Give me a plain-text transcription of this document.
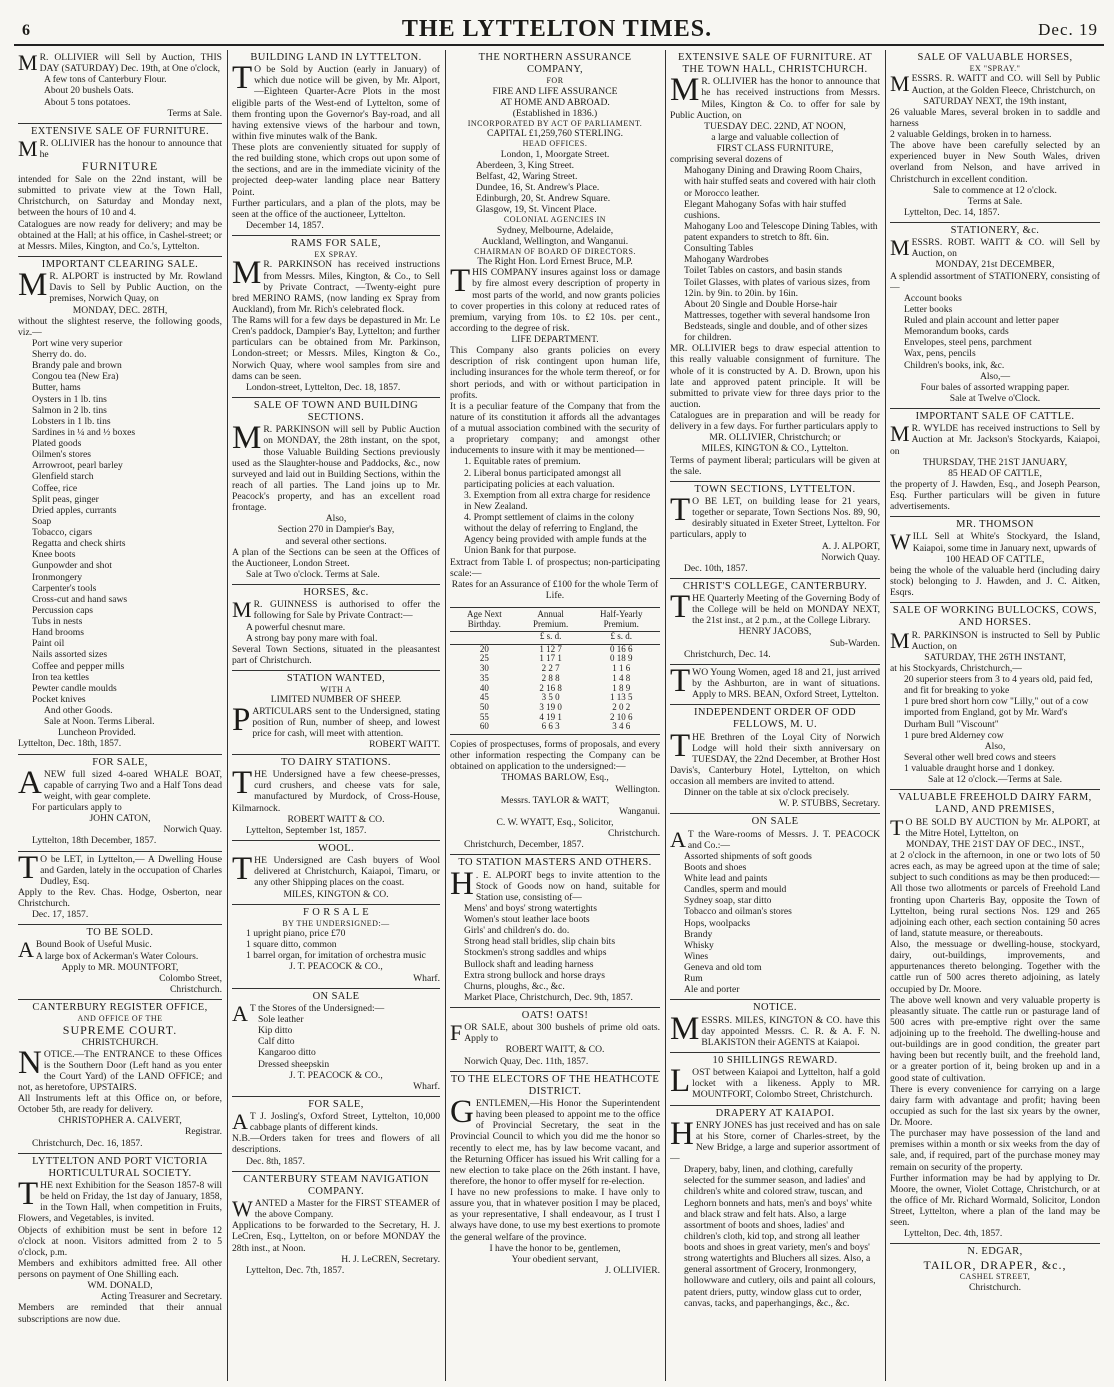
6	THE LYTTELTON TIMES.	Dec. 19
M R. OLLIVIER will Sell by Auction, THIS DAY (SATURDAY) Dec. 19th, at One o'clock,
A few tons of Canterbury Flour.
About 20 bushels Oats.
About 5 tons potatoes.
Terms at Sale.
EXTENSIVE SALE OF FURNITURE.
M R. OLLIVIER has the honour to announce that he
FURNITURE
intended for Sale on the 22nd instant, will be submitted to private view at the Town Hall, Christchurch, on Saturday and Monday next, between the hours of 10 and 4.
Catalogues are now ready for delivery; and may be obtained at the Hall; at his office, in Cashel-street; or at Messrs. Miles, Kington, and Co.'s, Lyttelton.
IMPORTANT CLEARING SALE.
M R. ALPORT is instructed by Mr. Rowland Davis to Sell by Public Auction, on the premises, Norwich Quay, on
MONDAY, DEC. 28TH,
without the slightest reserve, the following goods, viz.—
Port wine very superior
Sherry do. do.
Brandy pale and brown
Congou tea (New Era)
Butter, hams
Oysters in 1 lb. tins
Salmon in 2 lb. tins
Lobsters in 1 lb. tins
Sardines in ¼ and ½ boxes
Plated goods
Oilmen's stores
Arrowroot, pearl barley
Glenfield starch
Coffee, rice
Split peas, ginger
Dried apples, currants
Soap
Tobacco, cigars
Regatta and check shirts
Knee boots
Gunpowder and shot
Ironmongery
Carpenter's tools
Cross-cut and hand saws
Percussion caps
Tubs in nests
Hand brooms
Paint oil
Nails assorted sizes
Coffee and pepper mills
Iron tea kettles
Pewter candle moulds
Pocket knives
And other Goods.
Sale at Noon. Terms Liberal.
Luncheon Provided.
Lyttelton, Dec. 18th, 1857.
FOR SALE,
A NEW full sized 4-oared WHALE BOAT, capable of carrying Two and a Half Tons dead weight, with gear complete.
For particulars apply to
JOHN CATON,
Norwich Quay.
Lyttelton, 18th December, 1857.
T O be LET, in Lyttelton,— A Dwelling House and Garden, lately in the occupation of Charles Dudley, Esq.
Apply to the Rev. Chas. Hodge, Osberton, near Christchurch.
Dec. 17, 1857.
TO BE SOLD.
A Bound Book of Useful Music.
A large box of Ackerman's Water Colours.
Apply to MR. MOUNTFORT,
Colombo Street,
Christchurch.
CANTERBURY REGISTER OFFICE,
AND OFFICE OF THE
SUPREME COURT.
CHRISTCHURCH.
NOTICE.—The ENTRANCE to these Offices is the Southern Door (Left hand as you enter the Court Yard) of the LAND OFFICE; and not, as heretofore, UPSTAIRS.
All Instruments left at this Office on, or before, October 5th, are ready for delivery.
CHRISTOPHER A. CALVERT,
Registrar.
Christchurch, Dec. 16, 1857.
LYTTELTON AND PORT VICTORIA HORTICULTURAL SOCIETY.
THE next Exhibition for the Season 1857-8 will be held on Friday, the 1st day of January, 1858, in the Town Hall, when competition in Fruits, Flowers, and Vegetables, is invited.
Objects of exhibition must be sent in before 12 o'clock at noon. Visitors admitted from 2 to 5 o'clock, p.m.
Members and exhibitors admitted free. All other persons on payment of One Shilling each.
WM. DONALD,
Acting Treasurer and Secretary.
Members are reminded that their annual subscriptions are now due.
BUILDING LAND IN LYTTELTON.
T O be Sold by Auction (early in January) of which due notice will be given, by Mr. Alport,—Eighteen Quarter-Acre Plots in the most eligible parts of the West-end of Lyttelton, some of them fronting upon the Governor's Bay-road, and all having extensive views of the harbour and town, within five minutes walk of the Bank.
These plots are conveniently situated for supply of the red building stone, which crops out upon some of the sections, and are in the immediate vicinity of the projected deep-water landing place near Battery Point.
Further particulars, and a plan of the plots, may be seen at the office of the auctioneer, Lyttelton.
December 14, 1857.
RAMS FOR SALE,
EX SPRAY.
M R. PARKINSON has received instructions from Messrs. Miles, Kington, & Co., to Sell by Private Contract, —Twenty-eight pure bred MERINO RAMS, (now landing ex Spray from Auckland), from Mr. Rich's celebrated flock.
The Rams will for a few days be depastured in Mr. Le Cren's paddock, Dampier's Bay, Lyttelton; and further particulars can be obtained from Mr. Parkinson, London-street; or Messrs. Miles, Kington & Co., Norwich Quay, where wool samples from sire and dams can be seen.
London-street, Lyttelton, Dec. 18, 1857.
SALE OF TOWN AND BUILDING SECTIONS.
M R. PARKINSON will sell by Public Auction on MONDAY, the 28th instant, on the spot, those Valuable Building Sections previously used as the Slaughter-house and Paddocks, &c., now surveyed and laid out in Building Sections, within the reach of all parties. The Land joins up to Mr. Peacock's property, and has an excellent road frontage.
Also,
Section 270 in Dampier's Bay,
and several other sections.
A plan of the Sections can be seen at the Offices of the Auctioneer, London Street.
Sale at Two o'clock. Terms at Sale.
HORSES, &c.
M R. GUINNESS is authorised to offer the following for Sale by Private Contract:—
A powerful chesnut mare.
A strong bay pony mare with foal.
Several Town Sections, situated in the pleasantest part of Christchurch.
STATION WANTED,
WITH A
LIMITED NUMBER OF SHEEP.
PARTICULARS sent to the Undersigned, stating position of Run, number of sheep, and lowest price for cash, will meet with attention.
ROBERT WAITT.
TO DAIRY STATIONS.
THE Undersigned have a few cheese-presses, curd crushers, and cheese vats for sale, manufactured by Murdock, of Cross-House, Kilmarnock.
ROBERT WAITT & CO.
Lyttelton, September 1st, 1857.
WOOL.
THE Undersigned are Cash buyers of Wool delivered at Christchurch, Kaiapoi, Timaru, or any other Shipping places on the coast.
MILES, KINGTON & CO.
F O R S A L E
BY THE UNDERSIGNED:—
1 upright piano, price £70
1 square ditto, common
1 barrel organ, for imitation of orchestra music
J. T. PEACOCK & CO.,
Wharf.
ON SALE
A T the Stores of the Undersigned:—
Sole leather
Kip ditto
Calf ditto
Kangaroo ditto
Dressed sheepskin
J. T. PEACOCK & CO.,
Wharf.
FOR SALE,
A T J. Josling's, Oxford Street, Lyttelton, 10,000 cabbage plants of different kinds.
N.B.—Orders taken for trees and flowers of all descriptions.
Dec. 8th, 1857.
CANTERBURY STEAM NAVIGATION COMPANY.
WANTED a Master for the FIRST STEAMER of the above Company.
Applications to be forwarded to the Secretary, H. J. LeCren, Esq., Lyttelton, on or before MONDAY the 28th inst., at Noon.
H. J. LeCREN, Secretary.
Lyttelton, Dec. 7th, 1857.
THE NORTHERN ASSURANCE COMPANY,
FOR
FIRE AND LIFE ASSURANCE
AT HOME AND ABROAD.
(Established in 1836.)
INCORPORATED BY ACT OF PARLIAMENT.
CAPITAL £1,259,760 STERLING.
HEAD OFFICES.
London, 1, Moorgate Street.
Aberdeen, 3, King Street.
Belfast, 42, Waring Street.
Dundee, 16, St. Andrew's Place.
Edinburgh, 20, St. Andrew Square.
Glasgow, 19, St. Vincent Place.
COLONIAL AGENCIES IN
Sydney, Melbourne, Adelaide,
Auckland, Wellington, and Wanganui.
CHAIRMAN OF BOARD OF DIRECTORS.
The Right Hon. Lord Ernest Bruce, M.P.
THIS COMPANY insures against loss or damage by fire almost every description of property in most parts of the world, and now grants policies to cover properties in this colony at reduced rates of premium, varying from 10s. to £2 10s. per cent., according to the degree of risk.
LIFE DEPARTMENT.
This Company also grants policies on every description of risk contingent upon human life, including insurances for the whole term thereof, or for short periods, and with or without participation in profits.
It is a peculiar feature of the Company that from the nature of its constitution it affords all the advantages of a mutual association combined with the security of a proprietary company; and amongst other inducements to insure with it may be mentioned—
1. Equitable rates of premium.
2. Liberal bonus participated amongst all participating policies at each valuation.
3. Exemption from all extra charge for residence in New Zealand.
4. Prompt settlement of claims in the colony without the delay of referring to England, the Agency being provided with ample funds at the Union Bank for that purpose.
Extract from Table I. of prospectus; non-participating scale:—
Rates for an Assurance of £100 for the whole Term of Life.
Age Next Birthday.	Annual Premium.	Half-Yearly Premium.
	£ s. d.	£ s. d.
20	1 12 7	0 16 6
25	1 17 1	0 18 9
30	2 2 7	1 1 6
35	2 8 8	1 4 8
40	2 16 8	1 8 9
45	3 5 0	1 13 5
50	3 19 0	2 0 2
55	4 19 1	2 10 6
60	6 6 3	3 4 6
Copies of prospectuses, forms of proposals, and every other information respecting the Company can be obtained on application to the undersigned:—
THOMAS BARLOW, Esq.,
Wellington.
Messrs. TAYLOR & WATT,
Wanganui.
C. W. WYATT, Esq., Solicitor,
Christchurch.
Christchurch, December, 1857.
TO STATION MASTERS AND OTHERS.
H . E. ALPORT begs to invite attention to the Stock of Goods now on hand, suitable for Station use, consisting of—
Mens' and boys' strong watertights
Women's stout leather lace boots
Girls' and children's do. do.
Strong head stall bridles, slip chain bits
Stockmen's strong saddles and whips
Bullock shaft and leading harness
Extra strong bullock and horse drays
Churns, ploughs, &c., &c.
Market Place, Christchurch, Dec. 9th, 1857.
OATS! OATS!
FOR SALE, about 300 bushels of prime old oats. Apply to
ROBERT WAITT, & CO.
Norwich Quay, Dec. 11th, 1857.
TO THE ELECTORS OF THE HEATHCOTE DISTRICT.
GENTLEMEN,—His Honor the Superintendent having been pleased to appoint me to the office of Provincial Secretary, the seat in the Provincial Council to which you did me the honor so recently to elect me, has by law become vacant, and the Returning Officer has issued his Writ calling for a new election to take place on the 26th instant. I have, therefore, the honor to offer myself for re-election.
I have no new professions to make. I have only to assure you, that in whatever position I may be placed, as your representative, I shall endeavour, as I trust I always have done, to use my best exertions to promote the general welfare of the province.
I have the honor to be, gentlemen,
Your obedient servant,
J. OLLIVIER.
EXTENSIVE SALE OF FURNITURE. AT THE TOWN HALL, CHRISTCHURCH.
M R. OLLIVIER has the honor to announce that he has received instructions from Messrs. Miles, Kington & Co. to offer for sale by Public Auction, on
TUESDAY DEC. 22ND, AT NOON,
a large and valuable collection of
FIRST CLASS FURNITURE,
comprising several dozens of
Mahogany Dining and Drawing Room Chairs, with hair stuffed seats and covered with hair cloth or Morocco leather.
Elegant Mahogany Sofas with hair stuffed cushions.
Mahogany Loo and Telescope Dining Tables, with patent expanders to stretch to 8ft. 6in.
Consulting Tables
Mahogany Wardrobes
Toilet Tables on castors, and basin stands
Toilet Glasses, with plates of various sizes, from 12in. by 9in. to 20in. by 16in.
About 20 Single and Double Horse-hair Mattresses, together with several handsome Iron Bedsteads, single and double, and of other sizes for children.
MR. OLLIVIER begs to draw especial attention to this really valuable consignment of furniture. The whole of it is constructed by A. D. Brown, upon his late and approved patent principle. It will be submitted to private view for three days prior to the auction.
Catalogues are in preparation and will be ready for delivery in a few days. For further particulars apply to
MR. OLLIVIER, Christchurch; or
MILES, KINGTON & CO., Lyttelton.
Terms of payment liberal; particulars will be given at the sale.
TOWN SECTIONS, LYTTELTON.
T O BE LET, on building lease for 21 years, together or separate, Town Sections Nos. 89, 90, desirably situated in Exeter Street, Lyttelton. For particulars, apply to
A. J. ALPORT,
Norwich Quay.
Dec. 10th, 1857.
CHRIST'S COLLEGE, CANTERBURY.
THE Quarterly Meeting of the Governing Body of the College will be held on MONDAY NEXT, the 21st inst., at 2 p.m., at the College Library.
HENRY JACOBS,
Sub-Warden.
Christchurch, Dec. 14.
TWO Young Women, aged 18 and 21, just arrived by the Ashburton, are in want of situations. Apply to MRS. BEAN, Oxford Street, Lyttelton.
INDEPENDENT ORDER OF ODD FELLOWS, M. U.
THE Brethren of the Loyal City of Norwich Lodge will hold their sixth anniversary on TUESDAY, the 22nd December, at Brother Host Davis's, Canterbury Hotel, Lyttelton, on which occasion all members are invited to attend.
Dinner on the table at six o'clock precisely.
W. P. STUBBS, Secretary.
ON SALE
A T the Ware-rooms of Messrs. J. T. PEACOCK and Co.:—
Assorted shipments of soft goods
Boots and shoes
White lead and paints
Candles, sperm and mould
Sydney soap, star ditto
Tobacco and oilman's stores
Hops, woolpacks
Brandy
Whisky
Wines
Geneva and old tom
Rum
Ale and porter
NOTICE.
MESSRS. MILES, KINGTON & CO. have this day appointed Messrs. C. R. & A. F. N. BLAKISTON their AGENTS at Kaiapoi.
10 SHILLINGS REWARD.
LOST between Kaiapoi and Lyttelton, half a gold locket with a likeness. Apply to MR. MOUNTFORT, Colombo Street, Christchurch.
DRAPERY AT KAIAPOI.
HENRY JONES has just received and has on sale at his Store, corner of Charles-street, by the New Bridge, a large and superior assortment of—
Drapery, baby, linen, and clothing, carefully selected for the summer season, and ladies' and children's white and colored straw, tuscan, and Leghorn bonnets and hats, men's and boys' white and black straw and felt hats. Also, a large assortment of boots and shoes, ladies' and children's cloth, kid top, and strong all leather boots and shoes in great variety, men's and boys' strong watertights and Bluchers all sizes. Also, a general assortment of Grocery, Ironmongery, hollowware and cutlery, oils and paint all colours, patent driers, putty, window glass cut to order, canvas, tacks, and paperhangings, &c., &c.
SALE OF VALUABLE HORSES,
EX "SPRAY."
MESSRS. R. WAITT and CO. will Sell by Public Auction, at the Golden Fleece, Christchurch, on
SATURDAY NEXT, the 19th instant,
26 valuable Mares, several broken in to saddle and harness
2 valuable Geldings, broken in to harness.
The above have been carefully selected by an experienced buyer in New South Wales, driven overland from Nelson, and have arrived in Christchurch in excellent condition.
Sale to commence at 12 o'clock.
Terms at Sale.
Lyttelton, Dec. 14, 1857.
STATIONERY, &c.
MESSRS. ROBT. WAITT & CO. will Sell by Auction, on
MONDAY, 21st DECEMBER,
A splendid assortment of STATIONERY, consisting of—
Account books
Letter books
Ruled and plain account and letter paper
Memorandum books, cards
Envelopes, steel pens, parchment
Wax, pens, pencils
Children's books, ink, &c.
Also,—
Four bales of assorted wrapping paper.
Sale at Twelve o'Clock.
IMPORTANT SALE OF CATTLE.
M R. WYLDE has received instructions to Sell by Auction at Mr. Jackson's Stockyards, Kaiapoi, on
THURSDAY, THE 21ST JANUARY,
85 HEAD OF CATTLE,
the property of J. Hawden, Esq., and Joseph Pearson, Esq. Further particulars will be given in future advertisements.
MR. THOMSON
WILL Sell at White's Stockyard, the Island, Kaiapoi, some time in January next, upwards of
100 HEAD OF CATTLE,
being the whole of the valuable herd (including dairy stock) belonging to J. Hawden, and J. C. Aitken, Esqrs.
SALE OF WORKING BULLOCKS, COWS, AND HORSES.
M R. PARKINSON is instructed to Sell by Public Auction, on
SATURDAY, THE 26TH INSTANT,
at his Stockyards, Christchurch,—
20 superior steers from 3 to 4 years old, paid fed, and fit for breaking to yoke
1 pure bred short horn cow "Lilly," out of a cow imported from England, got by Mr. Ward's Durham Bull "Viscount"
1 pure bred Alderney cow
Also,
Several other well bred cows and steers
1 valuable draught horse and 1 donkey.
Sale at 12 o'clock.—Terms at Sale.
VALUABLE FREEHOLD DAIRY FARM, LAND, AND PREMISES,
T O BE SOLD BY AUCTION by Mr. ALPORT, at the Mitre Hotel, Lyttelton, on
MONDAY, THE 21ST DAY OF DEC., INST.,
at 2 o'clock in the afternoon, in one or two lots of 50 acres each, as may be agreed upon at the time of sale; subject to such conditions as may be then produced:—
All those two allotments or parcels of Freehold Land fronting upon Charteris Bay, opposite the Town of Lyttelton, being rural sections Nos. 129 and 265 adjoining each other, each section containing 50 acres of land, statute measure, or thereabouts.
Also, the messuage or dwelling-house, stockyard, dairy, out-buildings, improvements, and appurtenances thereto belonging. Together with the cattle run of 500 acres thereto adjoining, as lately occupied by Dr. Moore.
The above well known and very valuable property is pleasantly situate. The cattle run or pasturage land of 500 acres with pre-emptive right over the same adjoining up to the freehold. The dwelling-house and out-buildings are in good condition, the greater part having been but recently built, and the freehold land, or a greater portion of it, being broken up and in a good state of cultivation.
There is every convenience for carrying on a large dairy farm with advantage and profit; having been occupied as such for the last six years by the owner, Dr. Moore.
The purchaser may have possession of the land and premises within a month or six weeks from the day of sale, and, if required, part of the purchase money may remain on security of the property.
Further information may be had by applying to Dr. Moore, the owner, Violet Cottage, Christchurch, or at the office of Mr. Richard Wormald, Solicitor, London Street, Lyttelton, where a plan of the land may be seen.
Lyttelton, Dec. 4th, 1857.
N. EDGAR,
TAILOR, DRAPER, &c.,
CASHEL STREET,
Christchurch.
